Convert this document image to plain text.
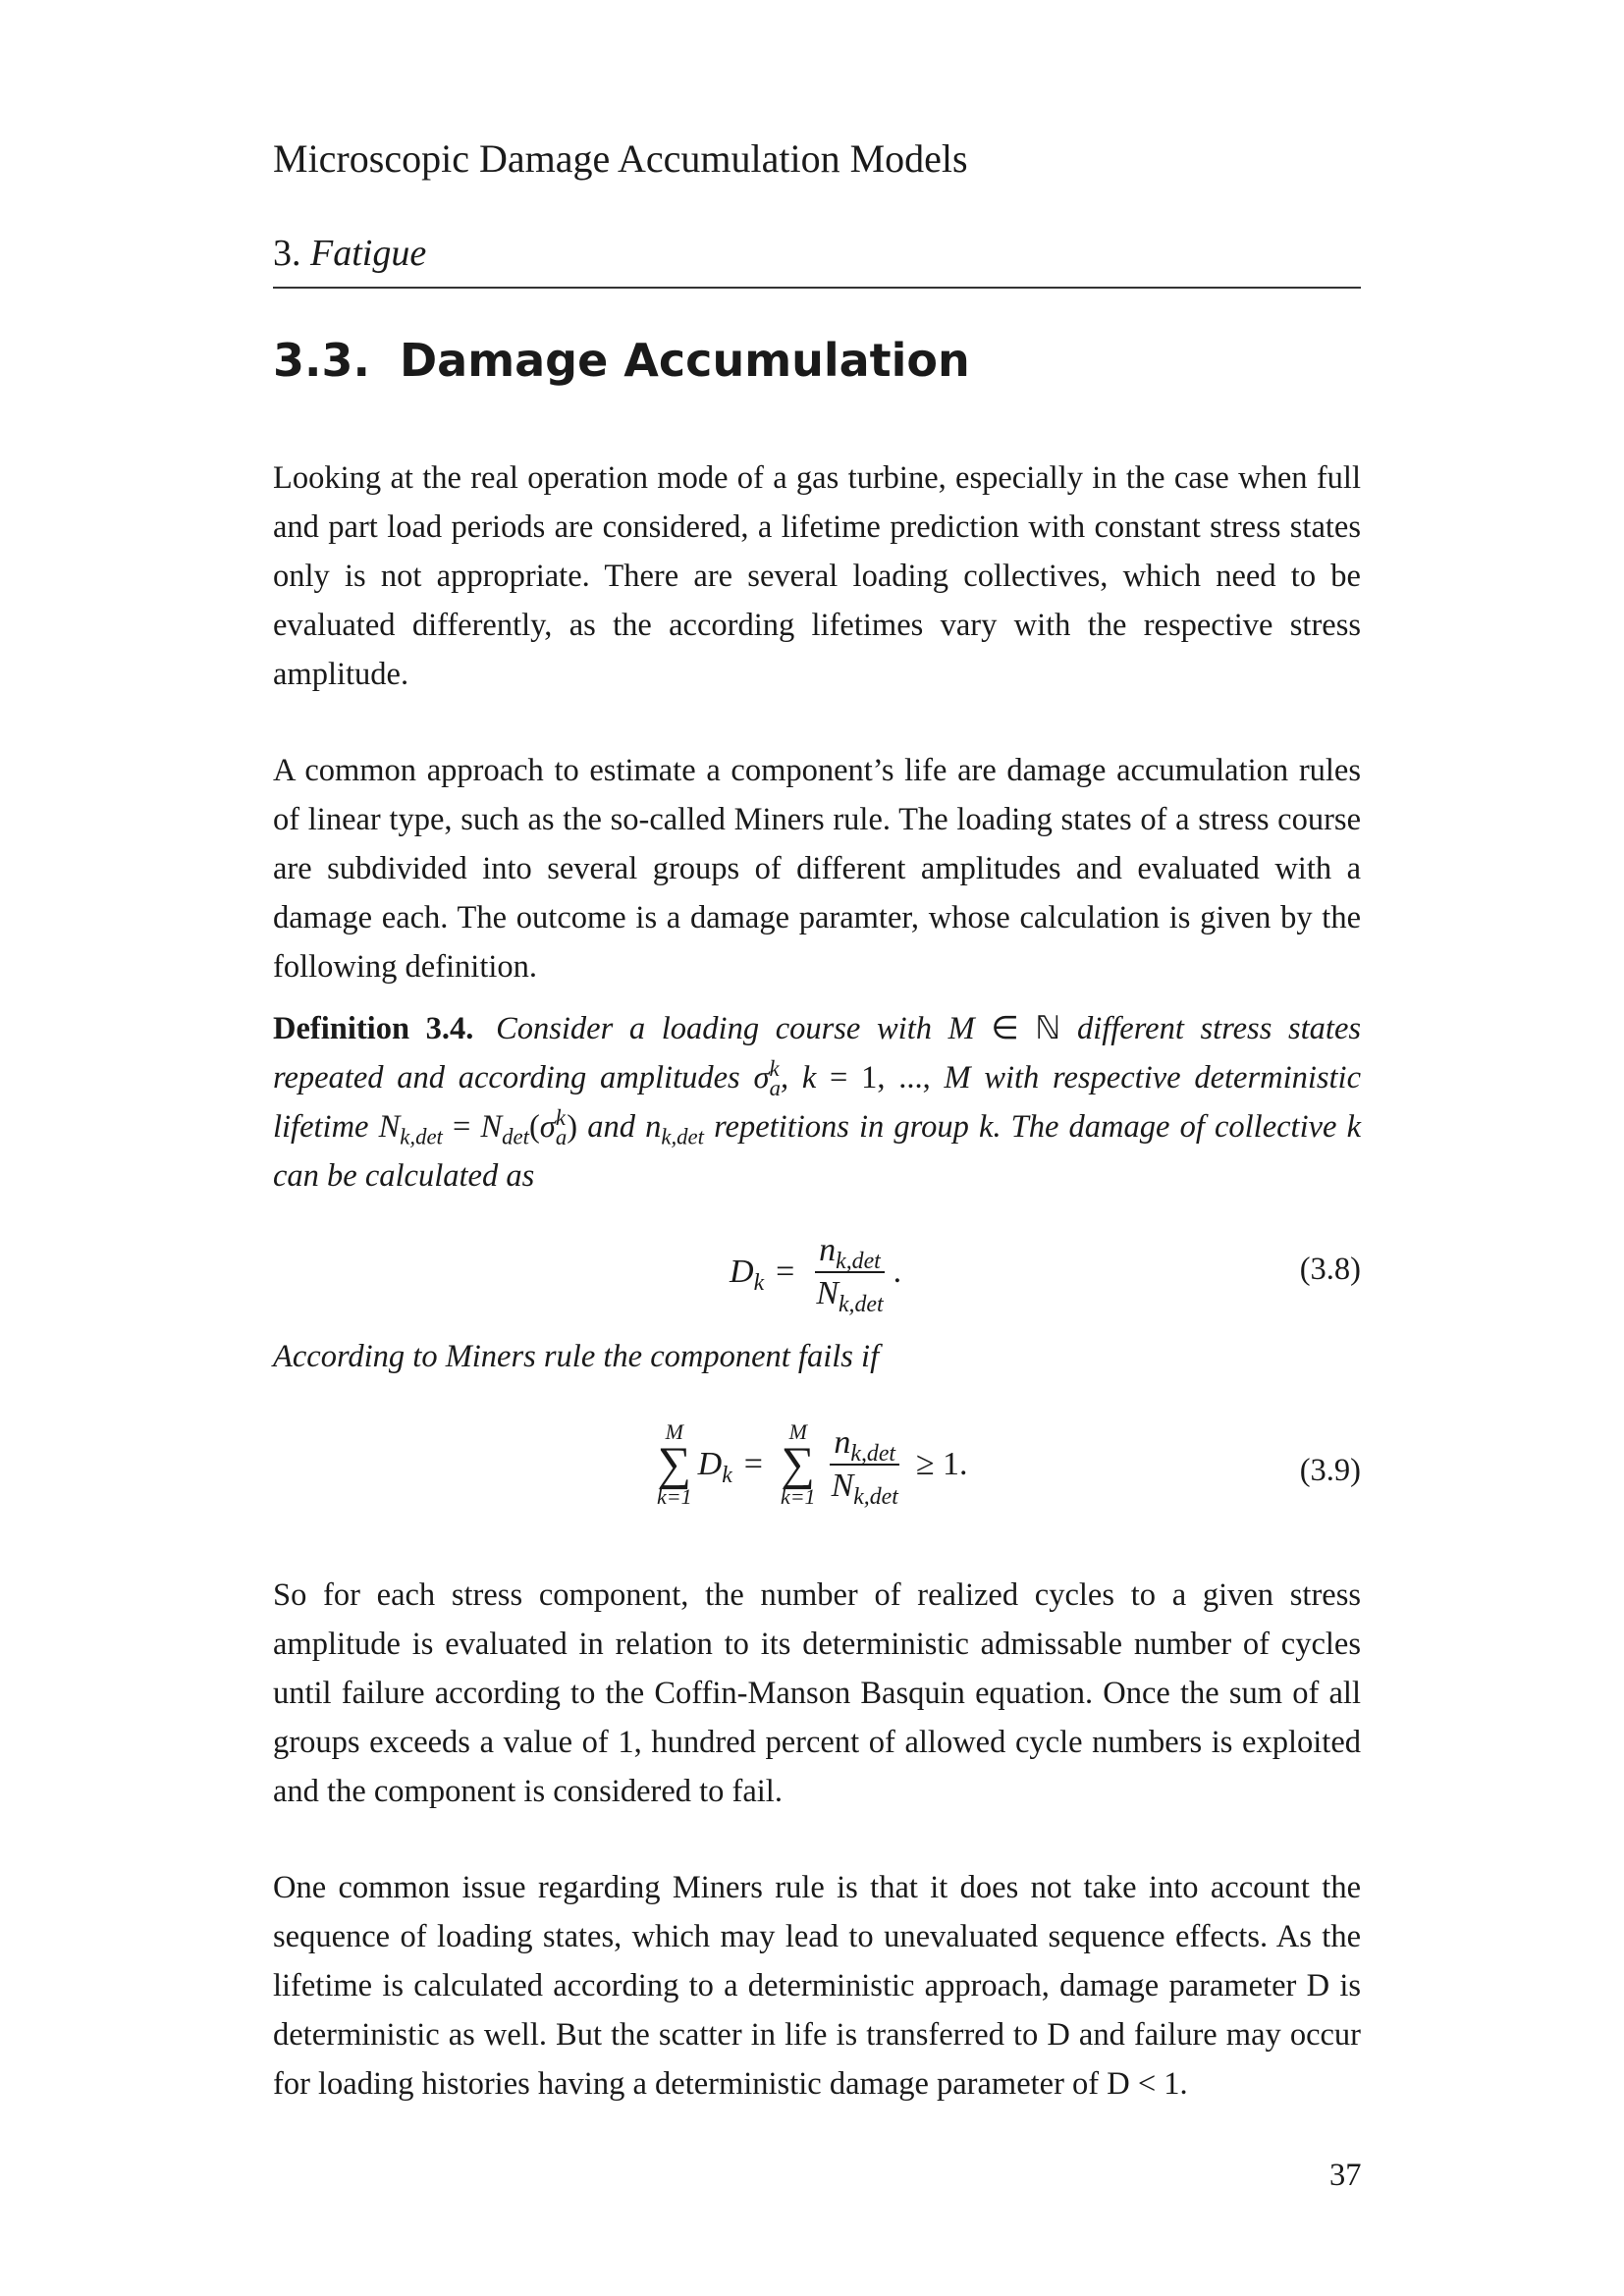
Microscopic Damage Accumulation Models
3. Fatigue
3.3. Damage Accumulation

Looking at the real operation mode of a gas turbine, especially in the case when full and part load periods are considered, a lifetime prediction with constant stress states only is not appropriate. There are several loading collectives, which need to be evaluated differently, as the according lifetimes vary with the respective stress amplitude.

A common approach to estimate a component’s life are damage accumulation rules of linear type, such as the so-called Miners rule. The loading states of a stress course are subdivided into several groups of different amplitudes and evaluated with a damage each. The outcome is a damage paramter, whose calculation is given by the following definition.

Definition 3.4. Consider a loading course with M ∈ ℕ different stress states repeated and according amplitudes $\sigma^k_a$, k = 1, ..., M with respective deterministic lifetime $N_{k,det} = N_{det}(\sigma^k_a)$ and $n_{k,det}$ repetitions in group k. The damage of collective k can be calculated as

$D_k = \frac{n_{k,det}}{N_{k,det}}$ .	(3.8)
According to Miners rule the component fails if
M
∑
k=1
$D_k$ =
M
∑
$k=1 \frac{n_{k,det}}{N_{k,det}} \ge 1$.	(3.9)

So for each stress component, the number of realized cycles to a given stress amplitude is evaluated in relation to its deterministic admissable number of cycles until failure according to the Coffin-Manson Basquin equation. Once the sum of all groups exceeds a value of 1, hundred percent of allowed cycle numbers is exploited and the component is considered to fail.

One common issue regarding Miners rule is that it does not take into account the sequence of loading states, which may lead to unevaluated sequence effects. As the lifetime is calculated according to a deterministic approach, damage parameter D is deterministic as well. But the scatter in life is transferred to D and failure may occur for loading histories having a deterministic damage parameter of D < 1.

37
